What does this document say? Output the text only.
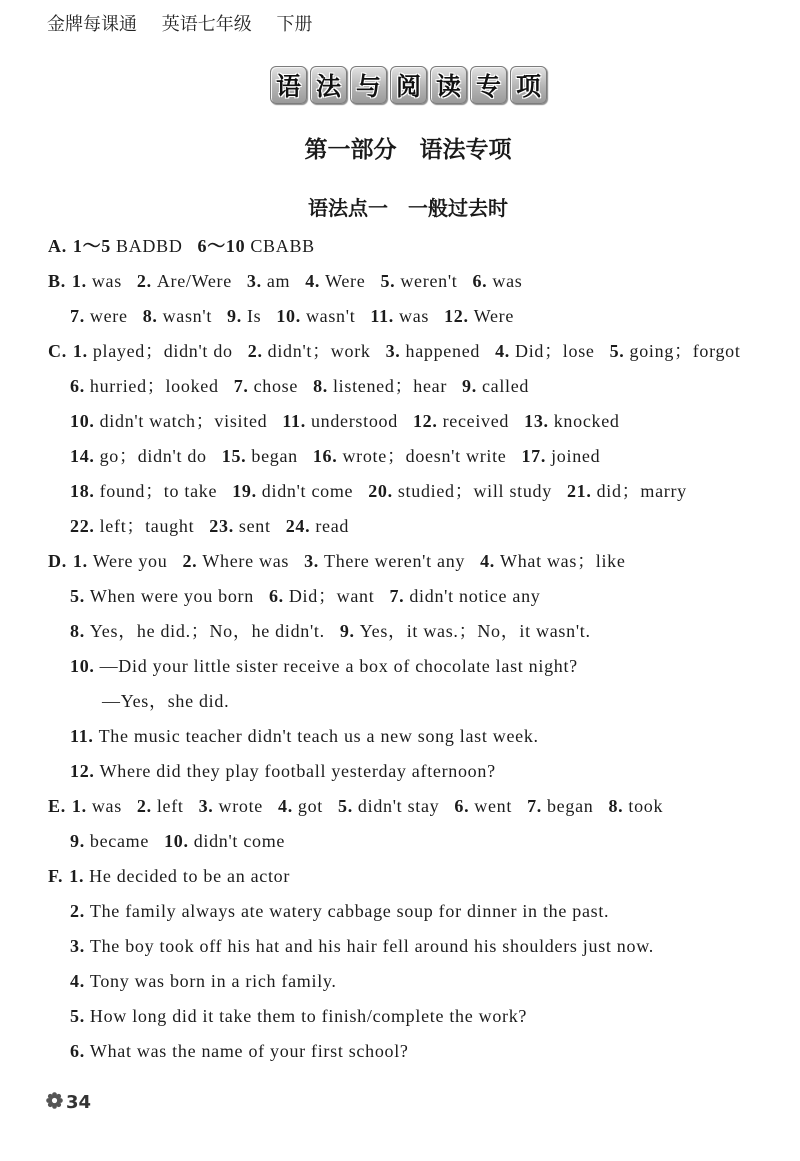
金牌每课通 英语七年级 下册
语 法 与 阅 读 专 项
第一部分　语法专项
语法点一　一般过去时
A. 1～5 BADBD 6～10 CBABB
B. 1. was 2. Are/Were 3. am 4. Were 5. weren't 6. was
7. were 8. wasn't 9. Is 10. wasn't 11. was 12. Were
C. 1. played；didn't do 2. didn't；work 3. happened 4. Did；lose 5. going；forgot
6. hurried；looked 7. chose 8. listened；hear 9. called
10. didn't watch；visited 11. understood 12. received 13. knocked
14. go；didn't do 15. began 16. wrote；doesn't write 17. joined
18. found；to take 19. didn't come 20. studied；will study 21. did；marry
22. left；taught 23. sent 24. read
D. 1. Were you 2. Where was 3. There weren't any 4. What was；like
5. When were you born 6. Did；want 7. didn't notice any
8. Yes，he did.；No，he didn't. 9. Yes，it was.；No，it wasn't.
10. —Did your little sister receive a box of chocolate last night?
—Yes，she did.
11. The music teacher didn't teach us a new song last week.
12. Where did they play football yesterday afternoon?
E. 1. was 2. left 3. wrote 4. got 5. didn't stay 6. went 7. began 8. took
9. became 10. didn't come
F. 1. He decided to be an actor
2. The family always ate watery cabbage soup for dinner in the past.
3. The boy took off his hat and his hair fell around his shoulders just now.
4. Tony was born in a rich family.
5. How long did it take them to finish/complete the work?
6. What was the name of your first school?
34
